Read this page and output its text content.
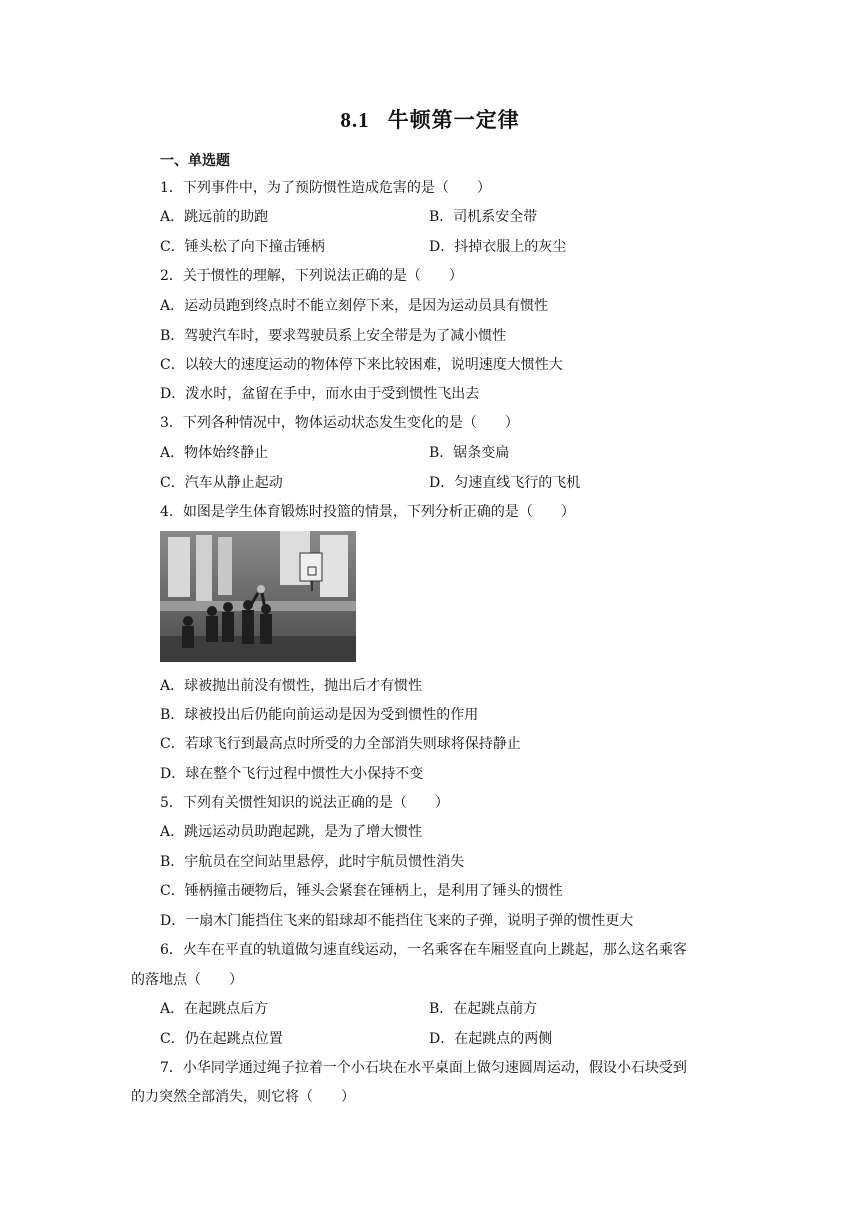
8.1 牛顿第一定律
一、单选题
1．下列事件中，为了预防惯性造成危害的是（　　）
A．跳远前的助跑	B．司机系安全带
C．锤头松了向下撞击锤柄	D．抖掉衣服上的灰尘
2．关于惯性的理解，下列说法正确的是（　　）
A．运动员跑到终点时不能立刻停下来，是因为运动员具有惯性
B．驾驶汽车时，要求驾驶员系上安全带是为了减小惯性
C．以较大的速度运动的物体停下来比较困难，说明速度大惯性大
D．泼水时，盆留在手中，而水由于受到惯性飞出去
3．下列各种情况中，物体运动状态发生变化的是（　　）
A．物体始终静止	B．锯条变扁
C．汽车从静止起动	D．匀速直线飞行的飞机
4．如图是学生体育锻炼时投篮的情景，下列分析正确的是（　　）
A．球被抛出前没有惯性，抛出后才有惯性
B．球被投出后仍能向前运动是因为受到惯性的作用
C．若球飞行到最高点时所受的力全部消失则球将保持静止
D．球在整个飞行过程中惯性大小保持不变
5．下列有关惯性知识的说法正确的是（　　）
A．跳远运动员助跑起跳，是为了增大惯性
B．宇航员在空间站里悬停，此时宇航员惯性消失
C．锤柄撞击硬物后，锤头会紧套在锤柄上，是利用了锤头的惯性
D．一扇木门能挡住飞来的铅球却不能挡住飞来的子弹，说明子弹的惯性更大
6．火车在平直的轨道做匀速直线运动，一名乘客在车厢竖直向上跳起，那么这名乘客
的落地点（　　）
A．在起跳点后方	B．在起跳点前方
C．仍在起跳点位置	D．在起跳点的两侧
7．小华同学通过绳子拉着一个小石块在水平桌面上做匀速圆周运动，假设小石块受到
的力突然全部消失，则它将（　　）
